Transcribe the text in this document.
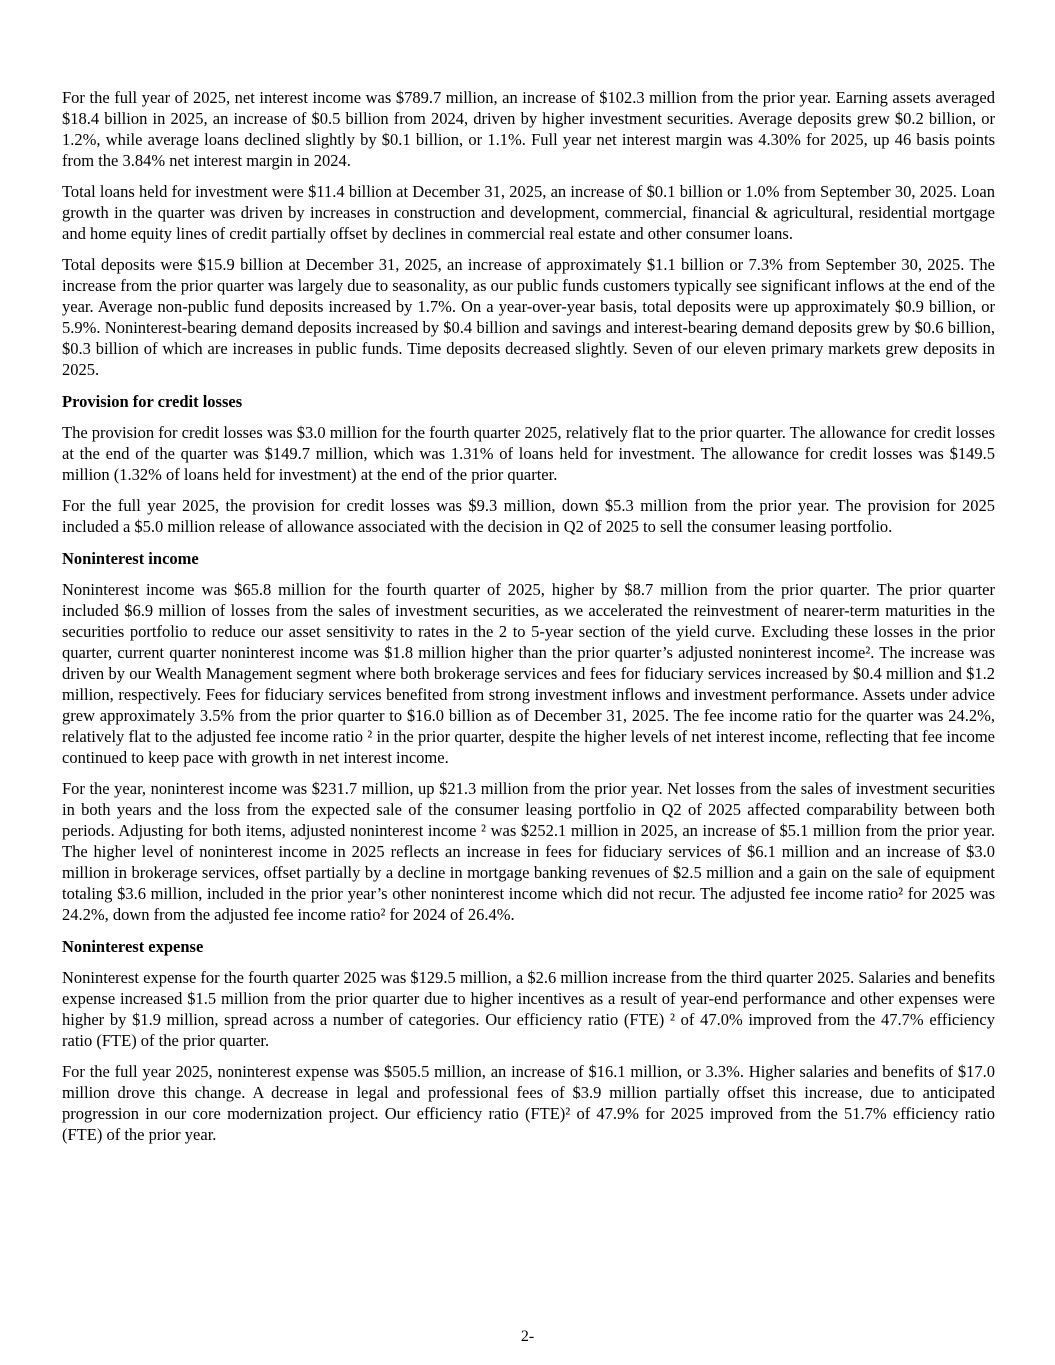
For the full year of 2025, net interest income was $789.7 million, an increase of $102.3 million from the prior year. Earning assets averaged $18.4 billion in 2025, an increase of $0.5 billion from 2024, driven by higher investment securities. Average deposits grew $0.2 billion, or 1.2%, while average loans declined slightly by $0.1 billion, or 1.1%. Full year net interest margin was 4.30% for 2025, up 46 basis points from the 3.84% net interest margin in 2024.

Total loans held for investment were $11.4 billion at December 31, 2025, an increase of $0.1 billion or 1.0% from September 30, 2025. Loan growth in the quarter was driven by increases in construction and development, commercial, financial & agricultural, residential mortgage and home equity lines of credit partially offset by declines in commercial real estate and other consumer loans.

Total deposits were $15.9 billion at December 31, 2025, an increase of approximately $1.1 billion or 7.3% from September 30, 2025. The increase from the prior quarter was largely due to seasonality, as our public funds customers typically see significant inflows at the end of the year. Average non-public fund deposits increased by 1.7%. On a year-over-year basis, total deposits were up approximately $0.9 billion, or 5.9%. Noninterest-bearing demand deposits increased by $0.4 billion and savings and interest-bearing demand deposits grew by $0.6 billion, $0.3 billion of which are increases in public funds. Time deposits decreased slightly. Seven of our eleven primary markets grew deposits in 2025.

Provision for credit losses

The provision for credit losses was $3.0 million for the fourth quarter 2025, relatively flat to the prior quarter. The allowance for credit losses at the end of the quarter was $149.7 million, which was 1.31% of loans held for investment. The allowance for credit losses was $149.5 million (1.32% of loans held for investment) at the end of the prior quarter.

For the full year 2025, the provision for credit losses was $9.3 million, down $5.3 million from the prior year. The provision for 2025 included a $5.0 million release of allowance associated with the decision in Q2 of 2025 to sell the consumer leasing portfolio.

Noninterest income

Noninterest income was $65.8 million for the fourth quarter of 2025, higher by $8.7 million from the prior quarter. The prior quarter included $6.9 million of losses from the sales of investment securities, as we accelerated the reinvestment of nearer-term maturities in the securities portfolio to reduce our asset sensitivity to rates in the 2 to 5-year section of the yield curve. Excluding these losses in the prior quarter, current quarter noninterest income was $1.8 million higher than the prior quarter’s adjusted noninterest income². The increase was driven by our Wealth Management segment where both brokerage services and fees for fiduciary services increased by $0.4 million and $1.2 million, respectively. Fees for fiduciary services benefited from strong investment inflows and investment performance. Assets under advice grew approximately 3.5% from the prior quarter to $16.0 billion as of December 31, 2025. The fee income ratio for the quarter was 24.2%, relatively flat to the adjusted fee income ratio ² in the prior quarter, despite the higher levels of net interest income, reflecting that fee income continued to keep pace with growth in net interest income.

For the year, noninterest income was $231.7 million, up $21.3 million from the prior year. Net losses from the sales of investment securities in both years and the loss from the expected sale of the consumer leasing portfolio in Q2 of 2025 affected comparability between both periods. Adjusting for both items, adjusted noninterest income ² was $252.1 million in 2025, an increase of $5.1 million from the prior year. The higher level of noninterest income in 2025 reflects an increase in fees for fiduciary services of $6.1 million and an increase of $3.0 million in brokerage services, offset partially by a decline in mortgage banking revenues of $2.5 million and a gain on the sale of equipment totaling $3.6 million, included in the prior year’s other noninterest income which did not recur. The adjusted fee income ratio² for 2025 was 24.2%, down from the adjusted fee income ratio² for 2024 of 26.4%.

Noninterest expense

Noninterest expense for the fourth quarter 2025 was $129.5 million, a $2.6 million increase from the third quarter 2025. Salaries and benefits expense increased $1.5 million from the prior quarter due to higher incentives as a result of year-end performance and other expenses were higher by $1.9 million, spread across a number of categories. Our efficiency ratio (FTE) ² of 47.0% improved from the 47.7% efficiency ratio (FTE) of the prior quarter.

For the full year 2025, noninterest expense was $505.5 million, an increase of $16.1 million, or 3.3%. Higher salaries and benefits of $17.0 million drove this change. A decrease in legal and professional fees of $3.9 million partially offset this increase, due to anticipated progression in our core modernization project. Our efficiency ratio (FTE)² of 47.9% for 2025 improved from the 51.7% efficiency ratio (FTE) of the prior year.

2-
